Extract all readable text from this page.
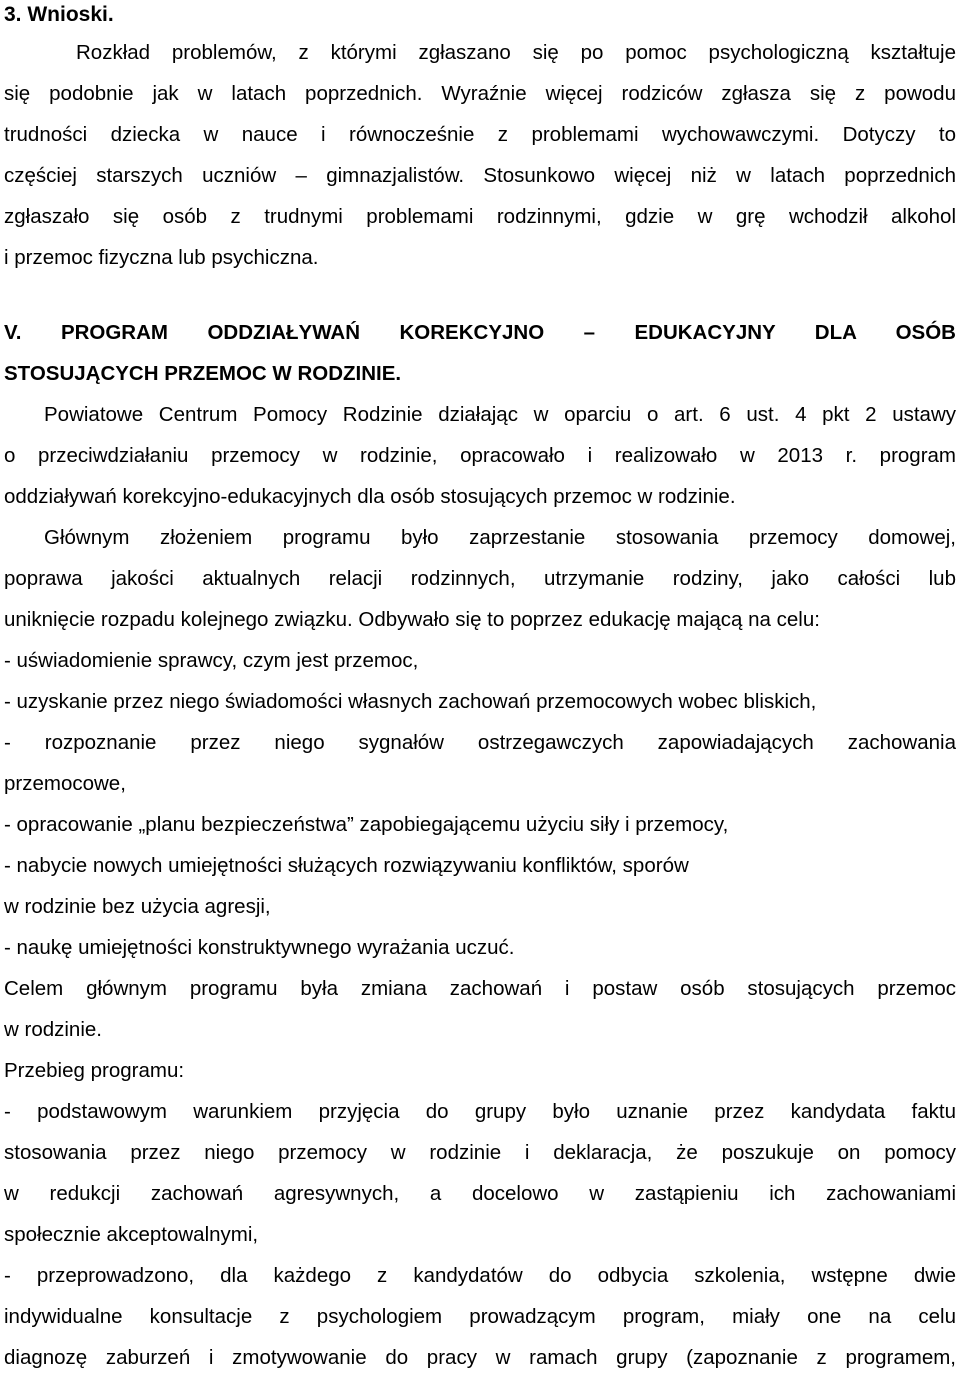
3. Wnioski.
Rozkład problemów, z którymi zgłaszano się po pomoc psychologiczną kształtuje
się podobnie jak w latach poprzednich. Wyraźnie więcej rodziców zgłasza się z powodu
trudności dziecka w nauce i równocześnie z problemami wychowawczymi. Dotyczy to
częściej starszych uczniów – gimnazjalistów. Stosunkowo więcej niż w latach poprzednich
zgłaszało się osób z trudnymi problemami rodzinnymi, gdzie w grę wchodził alkohol
i przemoc fizyczna lub psychiczna.
V. PROGRAM ODDZIAŁYWAŃ KOREKCYJNO – EDUKACYJNY DLA OSÓB
STOSUJĄCYCH PRZEMOC W RODZINIE.
Powiatowe Centrum Pomocy Rodzinie działając w oparciu o art. 6 ust. 4 pkt 2 ustawy
o przeciwdziałaniu przemocy w rodzinie, opracowało i realizowało w 2013 r. program
oddziaływań korekcyjno-edukacyjnych dla osób stosujących przemoc w rodzinie.
Głównym złożeniem programu było zaprzestanie stosowania przemocy domowej,
poprawa jakości aktualnych relacji rodzinnych, utrzymanie rodziny, jako całości lub
uniknięcie rozpadu kolejnego związku. Odbywało się to poprzez edukację mającą na celu:
- uświadomienie sprawcy, czym jest przemoc,
- uzyskanie przez niego świadomości własnych zachowań przemocowych wobec bliskich,
- rozpoznanie przez niego sygnałów ostrzegawczych zapowiadających zachowania
przemocowe,
- opracowanie „planu bezpieczeństwa” zapobiegającemu użyciu siły i przemocy,
- nabycie nowych umiejętności służących rozwiązywaniu konfliktów, sporów
w rodzinie bez użycia agresji,
- naukę umiejętności konstruktywnego wyrażania uczuć.
Celem głównym programu była zmiana zachowań i postaw osób stosujących przemoc
w rodzinie.
Przebieg programu:
- podstawowym warunkiem przyjęcia do grupy było uznanie przez kandydata faktu
stosowania przez niego przemocy w rodzinie i deklaracja, że poszukuje on pomocy
w redukcji zachowań agresywnych, a docelowo w zastąpieniu ich zachowaniami
społecznie akceptowalnymi,
- przeprowadzono, dla każdego z kandydatów do odbycia szkolenia, wstępne dwie
indywidualne konsultacje z psychologiem prowadzącym program, miały one na celu
diagnozę zaburzeń i zmotywowanie do pracy w ramach grupy (zapoznanie z programem,
